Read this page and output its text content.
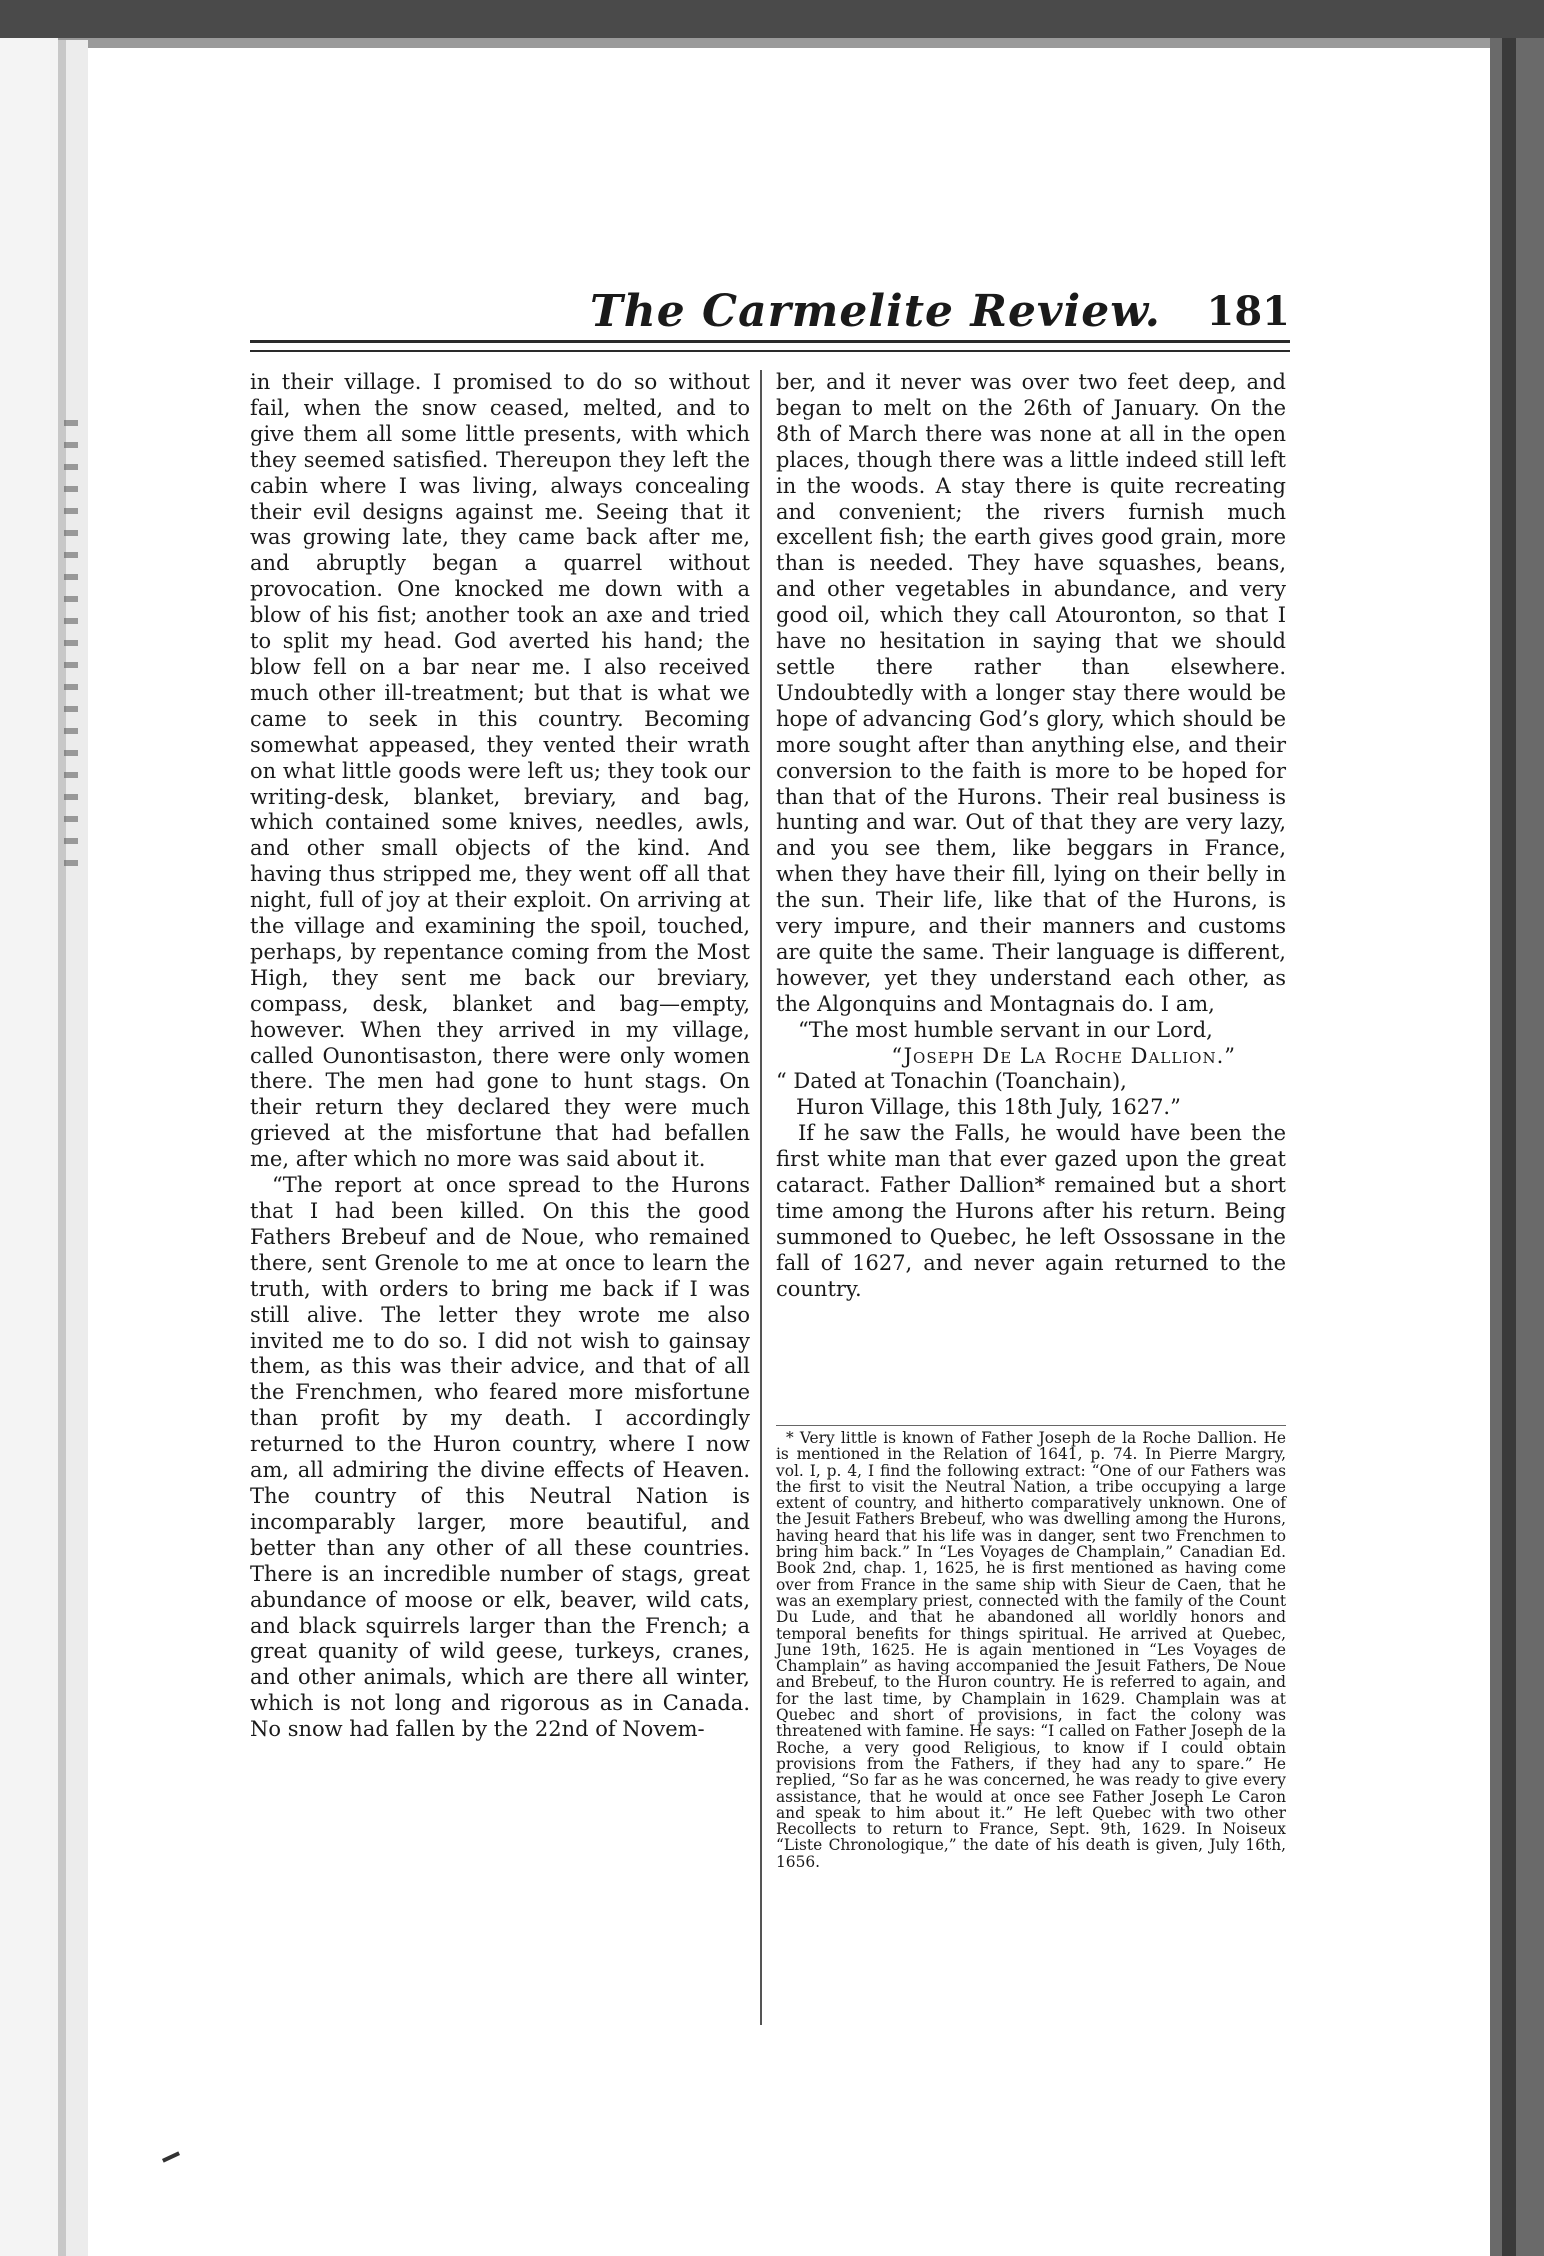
The Carmelite Review. 181

in their village. I promised to do so without fail, when the snow ceased, melted, and to give them all some little presents, with which they seemed satisfied. Thereupon they left the cabin where I was living, always concealing their evil designs against me. Seeing that it was growing late, they came back after me, and abruptly began a quarrel without provocation. One knocked me down with a blow of his fist; another took an axe and tried to split my head. God averted his hand; the blow fell on a bar near me. I also received much other ill-treatment; but that is what we came to seek in this country. Becoming somewhat appeased, they vented their wrath on what little goods were left us; they took our writing-desk, blanket, breviary, and bag, which contained some knives, needles, awls, and other small objects of the kind. And having thus stripped me, they went off all that night, full of joy at their exploit. On arriving at the village and examining the spoil, touched, perhaps, by repentance coming from the Most High, they sent me back our breviary, compass, desk, blanket and bag—empty, however. When they arrived in my village, called Ounontisaston, there were only women there. The men had gone to hunt stags. On their return they declared they were much grieved at the misfortune that had befallen me, after which no more was said about it.

“The report at once spread to the Hurons that I had been killed. On this the good Fathers Brebeuf and de Noue, who remained there, sent Grenole to me at once to learn the truth, with orders to bring me back if I was still alive. The letter they wrote me also invited me to do so. I did not wish to gainsay them, as this was their advice, and that of all the Frenchmen, who feared more misfortune than profit by my death. I accordingly returned to the Huron country, where I now am, all admiring the divine effects of Heaven. The country of this Neutral Nation is incomparably larger, more beautiful, and better than any other of all these countries. There is an incredible number of stags, great abundance of moose or elk, beaver, wild cats, and black squirrels larger than the French; a great quanity of wild geese, turkeys, cranes, and other animals, which are there all winter, which is not long and rigorous as in Canada. No snow had fallen by the 22nd of Novem-

ber, and it never was over two feet deep, and began to melt on the 26th of January. On the 8th of March there was none at all in the open places, though there was a little indeed still left in the woods. A stay there is quite recreating and convenient; the rivers furnish much excellent fish; the earth gives good grain, more than is needed. They have squashes, beans, and other vegetables in abundance, and very good oil, which they call Atouronton, so that I have no hesitation in saying that we should settle there rather than elsewhere. Undoubtedly with a longer stay there would be hope of advancing God’s glory, which should be more sought after than anything else, and their conversion to the faith is more to be hoped for than that of the Hurons. Their real business is hunting and war. Out of that they are very lazy, and you see them, like beggars in France, when they have their fill, lying on their belly in the sun. Their life, like that of the Hurons, is very impure, and their manners and customs are quite the same. Their language is different, however, yet they understand each other, as the Algonquins and Montagnais do. I am,

“The most humble servant in our Lord,

“Joseph De La Roche Dallion.”

“ Dated at Tonachin (Toanchain),

Huron Village, this 18th July, 1627.”

If he saw the Falls, he would have been the first white man that ever gazed upon the great cataract. Father Dallion* remained but a short time among the Hurons after his return. Being summoned to Quebec, he left Ossossane in the fall of 1627, and never again returned to the country.

* Very little is known of Father Joseph de la Roche Dallion. He is mentioned in the Relation of 1641, p. 74. In Pierre Margry, vol. I, p. 4, I find the following extract: “One of our Fathers was the first to visit the Neutral Nation, a tribe occupying a large extent of country, and hitherto comparatively unknown. One of the Jesuit Fathers Brebeuf, who was dwelling among the Hurons, having heard that his life was in danger, sent two Frenchmen to bring him back.” In “Les Voyages de Champlain,” Canadian Ed. Book 2nd, chap. 1, 1625, he is first mentioned as having come over from France in the same ship with Sieur de Caen, that he was an exemplary priest, connected with the family of the Count Du Lude, and that he abandoned all worldly honors and temporal benefits for things spiritual. He arrived at Quebec, June 19th, 1625. He is again mentioned in “Les Voyages de Champlain” as having accompanied the Jesuit Fathers, De Noue and Brebeuf, to the Huron country. He is referred to again, and for the last time, by Champlain in 1629. Champlain was at Quebec and short of provisions, in fact the colony was threatened with famine. He says: “I called on Father Joseph de la Roche, a very good Religious, to know if I could obtain provisions from the Fathers, if they had any to spare.” He replied, “So far as he was concerned, he was ready to give every assistance, that he would at once see Father Joseph Le Caron and speak to him about it.” He left Quebec with two other Recollects to return to France, Sept. 9th, 1629. In Noiseux “Liste Chronologique,” the date of his death is given, July 16th, 1656.
